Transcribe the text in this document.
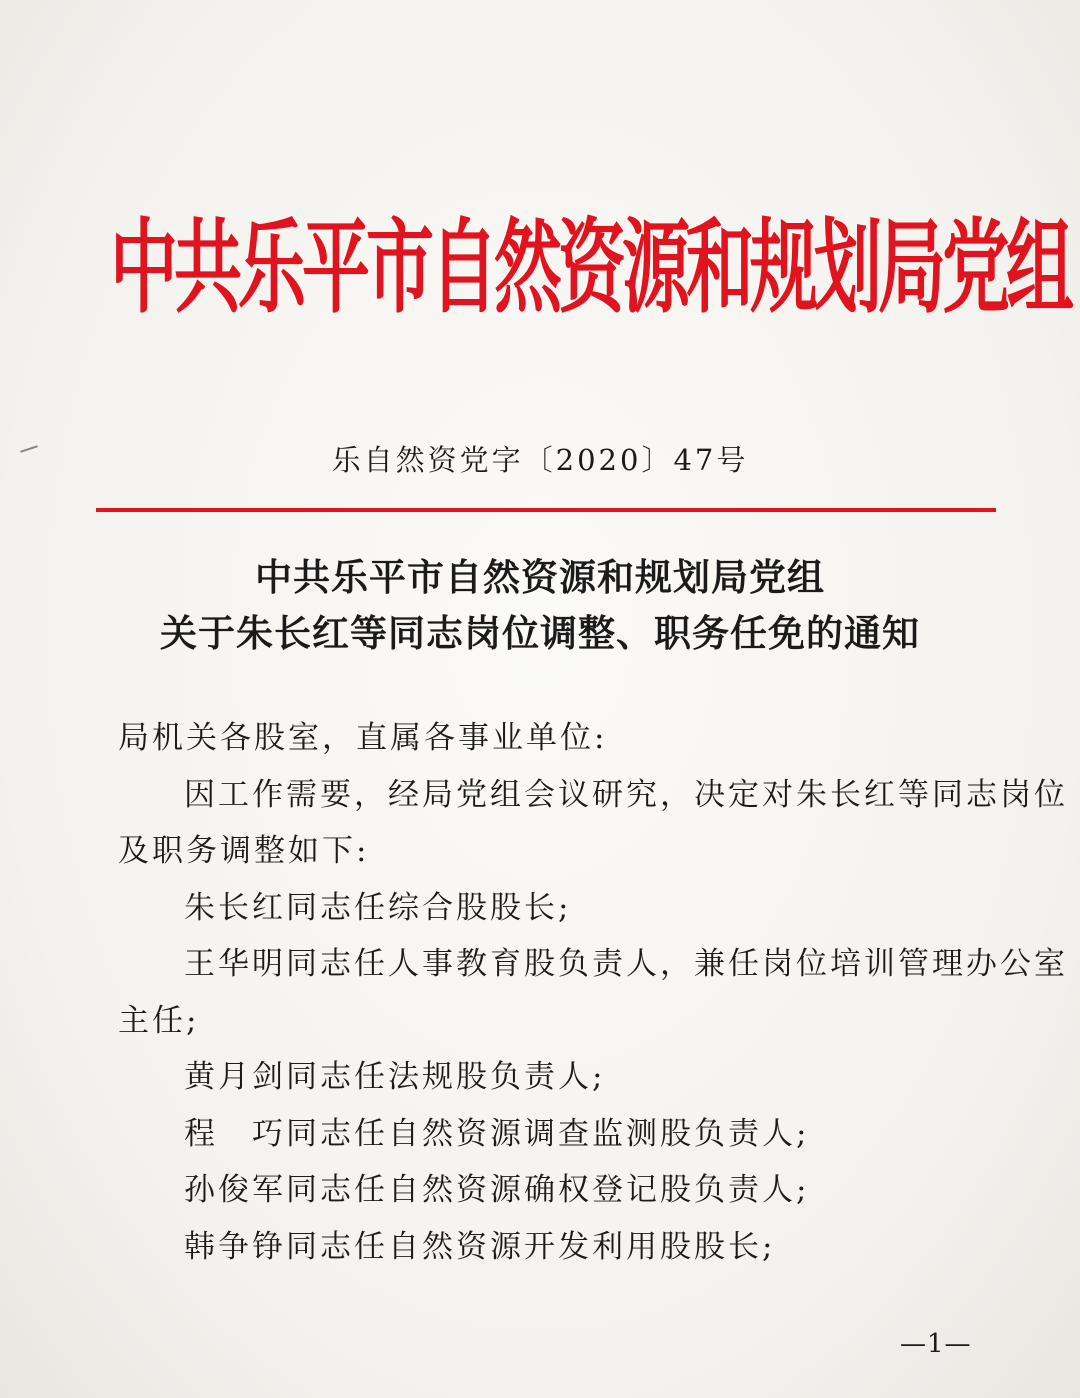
中共乐平市自然资源和规划局党组
乐自然资党字〔2020〕47号
中共乐平市自然资源和规划局党组
关于朱长红等同志岗位调整、职务任免的通知

局机关各股室，直属各事业单位:

因工作需要，经局党组会议研究，决定对朱长红等同志岗位

及职务调整如下:

朱长红同志任综合股股长;

王华明同志任人事教育股负责人，兼任岗位培训管理办公室

主任;

黄月剑同志任法规股负责人;

程　巧同志任自然资源调查监测股负责人;

孙俊军同志任自然资源确权登记股负责人;

韩争铮同志任自然资源开发利用股股长;

—1—
